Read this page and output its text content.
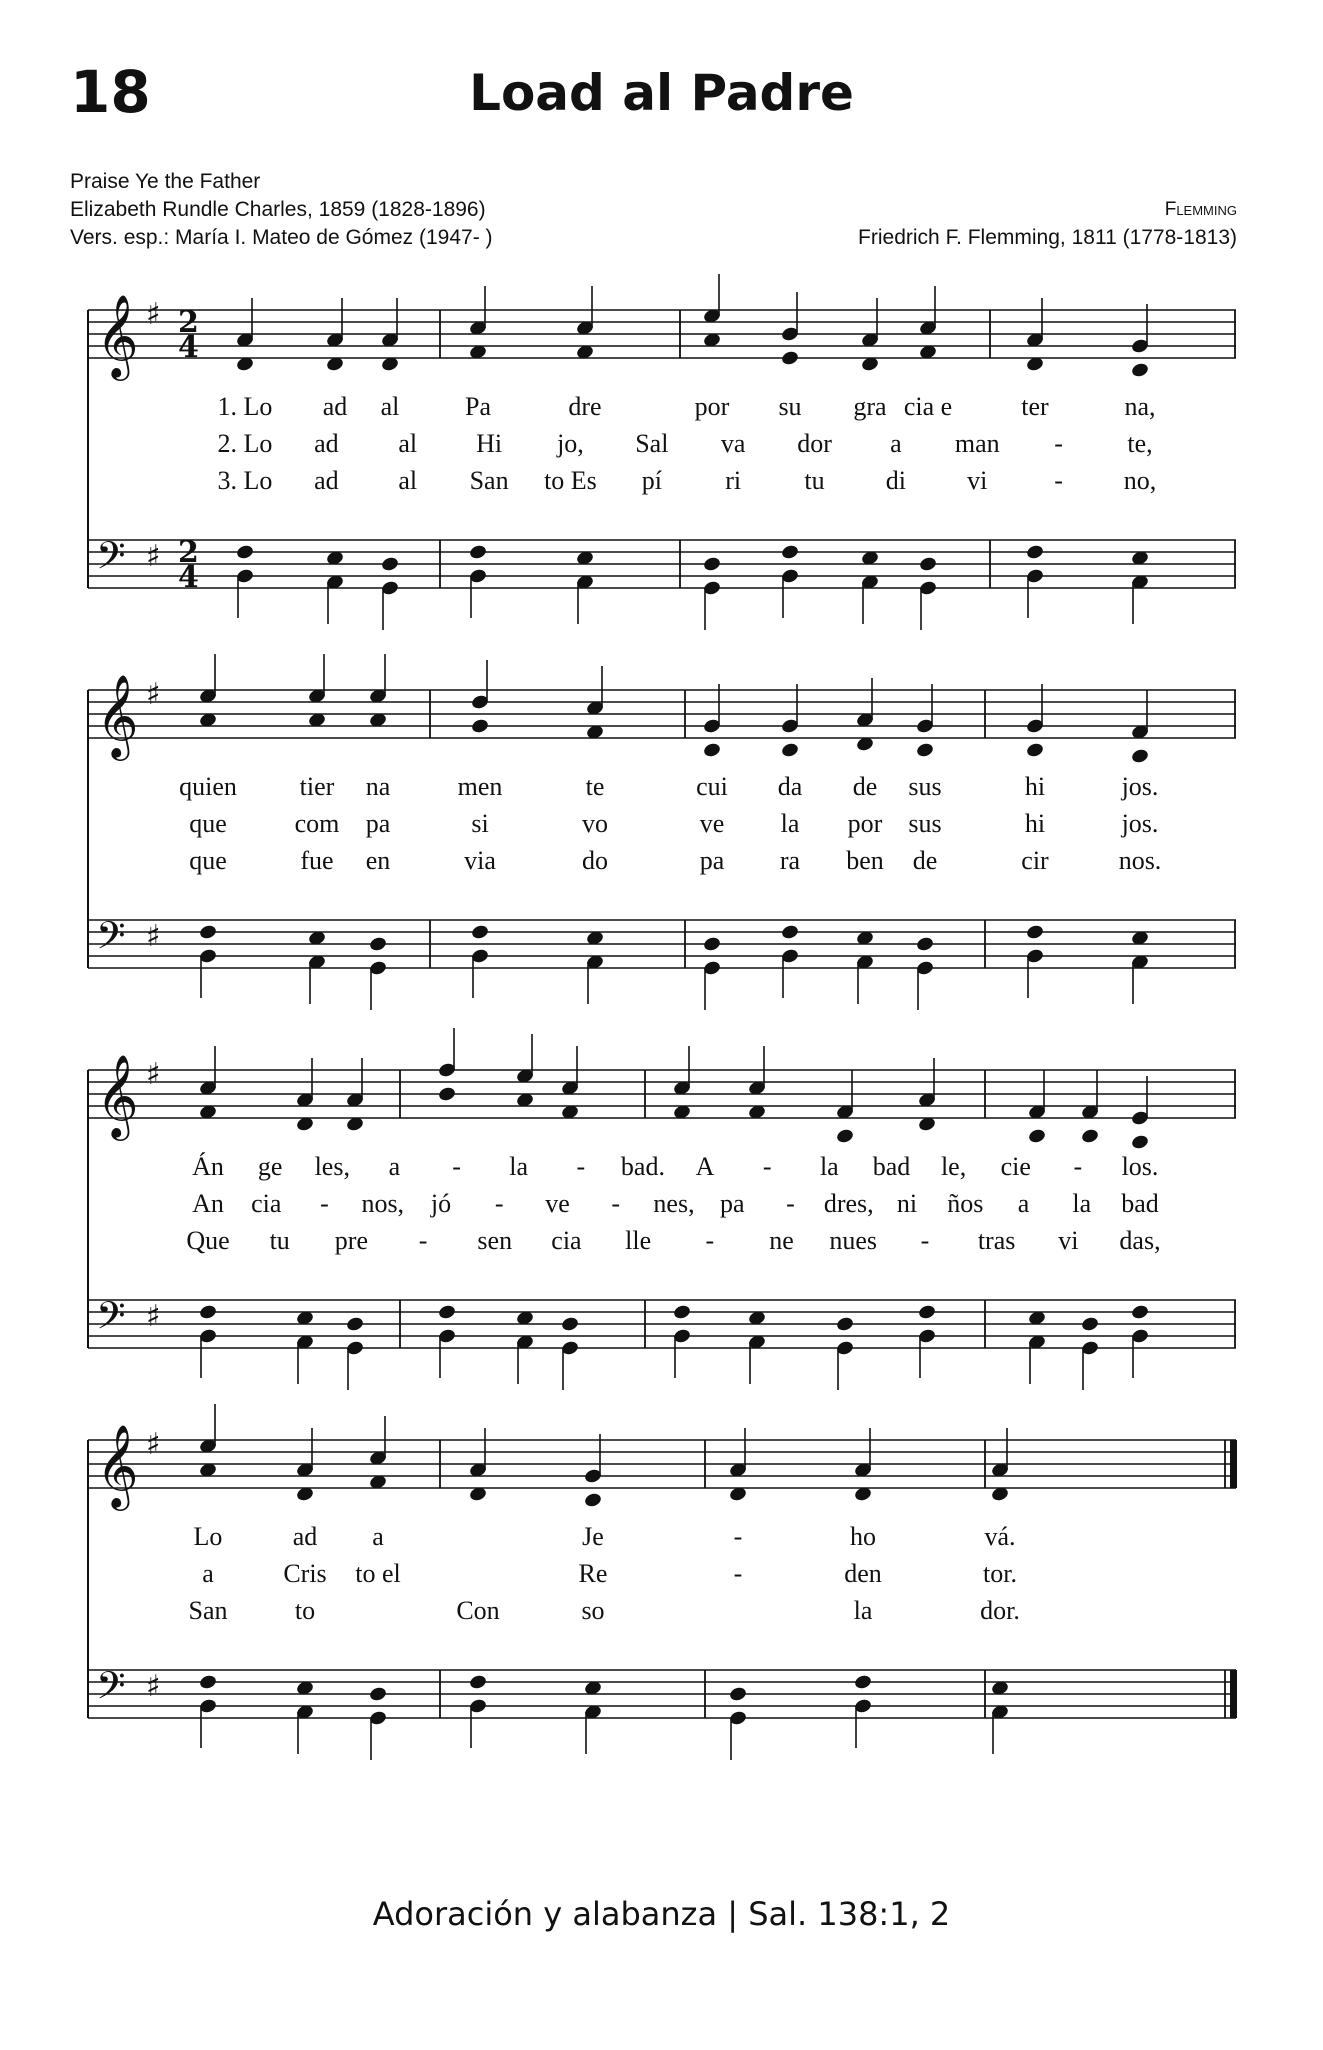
18	Load al Padre
Praise Ye the Father
Elizabeth Rundle Charles, 1859 (1828-1896)
Vers. esp.: María I. Mateo de Gómez (1947- )
Flemming
Friedrich F. Flemming, 1811 (1778-1813)
𝄞 ♯ 2
4
𝄢 ♯ 2
4
1. Lo ad al	Pa	dre	por su gra cia e	ter	na,
2. Lo ad al Hi jo, Sal va dor a man - te,
3. Lo ad al San to Es pí ri tu di vi	- no,
𝄞 ♯
𝄢 ♯
quien tier na	men	te	cui da de sus	hi	jos.
que	com pa	si	vo	ve la por sus	hi	jos.
que	fue en	via	do	pa ra ben de	cir	nos.
𝄞 ♯
𝄢 ♯
Án ge les, a - la - bad. A - la bad le, cie - los.
An cia - nos, jó - ve - nes, pa - dres, ni ños a la bad
Que tu pre - sen cia lle - ne nues - tras vi das,
𝄞 ♯
𝄢 ♯
Lo	ad a	Je	-	ho	vá.
a	Cris to el	Re	-	den	tor.
San	to	Con	so	la	dor.
Adoración y alabanza | Sal. 138:1, 2
